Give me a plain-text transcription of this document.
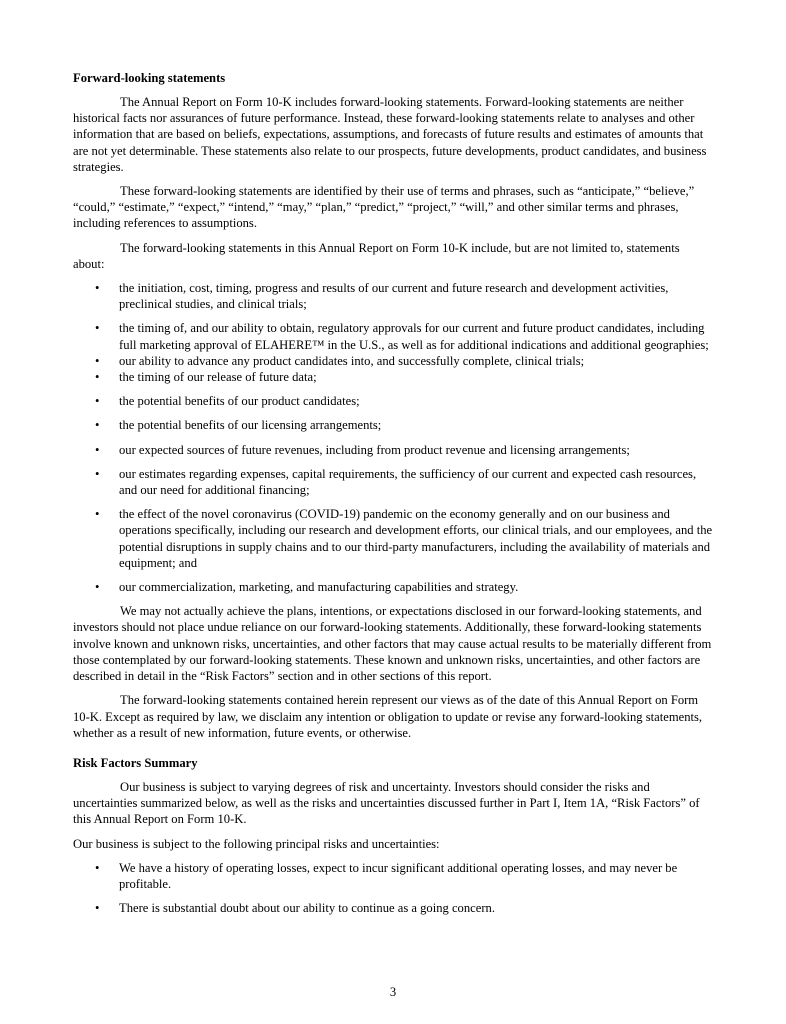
Forward-looking statements

The Annual Report on Form 10-K includes forward-looking statements. Forward-looking statements are neither historical facts nor assurances of future performance. Instead, these forward-looking statements relate to analyses and other information that are based on beliefs, expectations, assumptions, and forecasts of future results and estimates of amounts that are not yet determinable. These statements also relate to our prospects, future developments, product candidates, and business strategies.

These forward-looking statements are identified by their use of terms and phrases, such as “anticipate,” “believe,” “could,” “estimate,” “expect,” “intend,” “may,” “plan,” “predict,” “project,” “will,” and other similar terms and phrases, including references to assumptions.

The forward-looking statements in this Annual Report on Form 10-K include, but are not limited to, statements about:

• the initiation, cost, timing, progress and results of our current and future research and development activities, preclinical studies, and clinical trials;
• the timing of, and our ability to obtain, regulatory approvals for our current and future product candidates, including full marketing approval of ELAHERE™ in the U.S., as well as for additional indications and additional geographies;
• our ability to advance any product candidates into, and successfully complete, clinical trials;
• the timing of our release of future data;
• the potential benefits of our product candidates;
• the potential benefits of our licensing arrangements;
• our expected sources of future revenues, including from product revenue and licensing arrangements;
• our estimates regarding expenses, capital requirements, the sufficiency of our current and expected cash resources, and our need for additional financing;
• the effect of the novel coronavirus (COVID-19) pandemic on the economy generally and on our business and operations specifically, including our research and development efforts, our clinical trials, and our employees, and the potential disruptions in supply chains and to our third-party manufacturers, including the availability of materials and equipment; and
• our commercialization, marketing, and manufacturing capabilities and strategy.

We may not actually achieve the plans, intentions, or expectations disclosed in our forward-looking statements, and investors should not place undue reliance on our forward-looking statements. Additionally, these forward-looking statements involve known and unknown risks, uncertainties, and other factors that may cause actual results to be materially different from those contemplated by our forward-looking statements. These known and unknown risks, uncertainties, and other factors are described in detail in the “Risk Factors” section and in other sections of this report.

The forward-looking statements contained herein represent our views as of the date of this Annual Report on Form 10-K. Except as required by law, we disclaim any intention or obligation to update or revise any forward-looking statements, whether as a result of new information, future events, or otherwise.

Risk Factors Summary

Our business is subject to varying degrees of risk and uncertainty. Investors should consider the risks and uncertainties summarized below, as well as the risks and uncertainties discussed further in Part I, Item 1A, “Risk Factors” of this Annual Report on Form 10-K.

Our business is subject to the following principal risks and uncertainties:

• We have a history of operating losses, expect to incur significant additional operating losses, and may never be profitable.
• There is substantial doubt about our ability to continue as a going concern.
3
